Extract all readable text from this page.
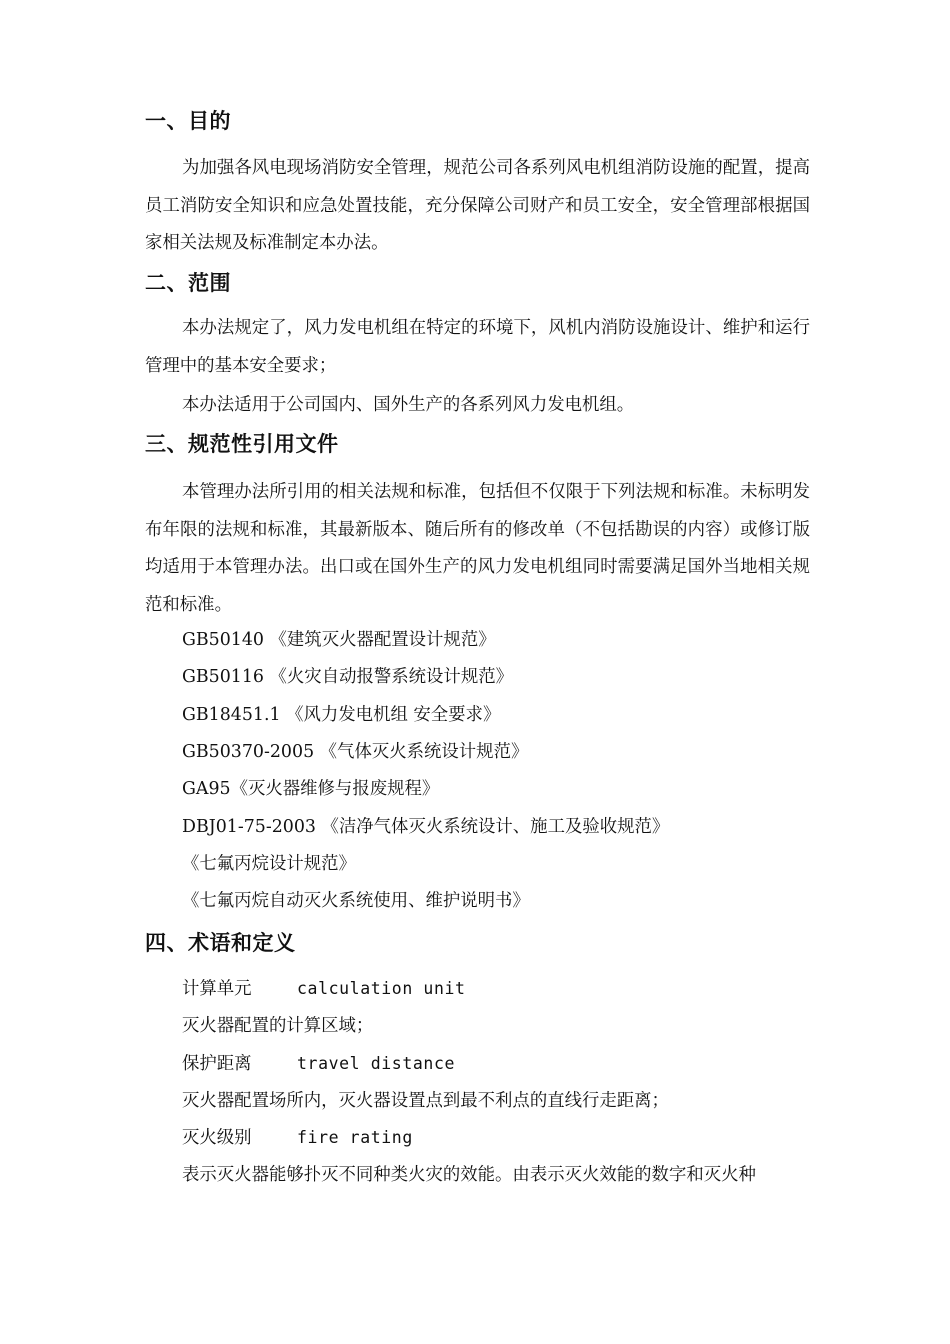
一、目的
为加强各风电现场消防安全管理，规范公司各系列风电机组消防设施的配置，提高员工消防安全知识和应急处置技能，充分保障公司财产和员工安全，安全管理部根据国家相关法规及标准制定本办法。
二、范围
本办法规定了，风力发电机组在特定的环境下，风机内消防设施设计、维护和运行管理中的基本安全要求；
本办法适用于公司国内、国外生产的各系列风力发电机组。
三、规范性引用文件
本管理办法所引用的相关法规和标准，包括但不仅限于下列法规和标准。未标明发布年限的法规和标准，其最新版本、随后所有的修改单（不包括勘误的内容）或修订版均适用于本管理办法。出口或在国外生产的风力发电机组同时需要满足国外当地相关规范和标准。
GB50140 《建筑灭火器配置设计规范》
GB50116 《火灾自动报警系统设计规范》
GB18451.1 《风力发电机组 安全要求》
GB50370-2005 《气体灭火系统设计规范》
GA95《灭火器维修与报废规程》
DBJ01-75-2003 《洁净气体灭火系统设计、施工及验收规范》
《七氟丙烷设计规范》
《七氟丙烷自动灭火系统使用、维护说明书》
四、术语和定义
计算单元	calculation unit
灭火器配置的计算区域；
保护距离	travel distance
灭火器配置场所内，灭火器设置点到最不利点的直线行走距离；
灭火级别	fire rating
表示灭火器能够扑灭不同种类火灾的效能。由表示灭火效能的数字和灭火种
